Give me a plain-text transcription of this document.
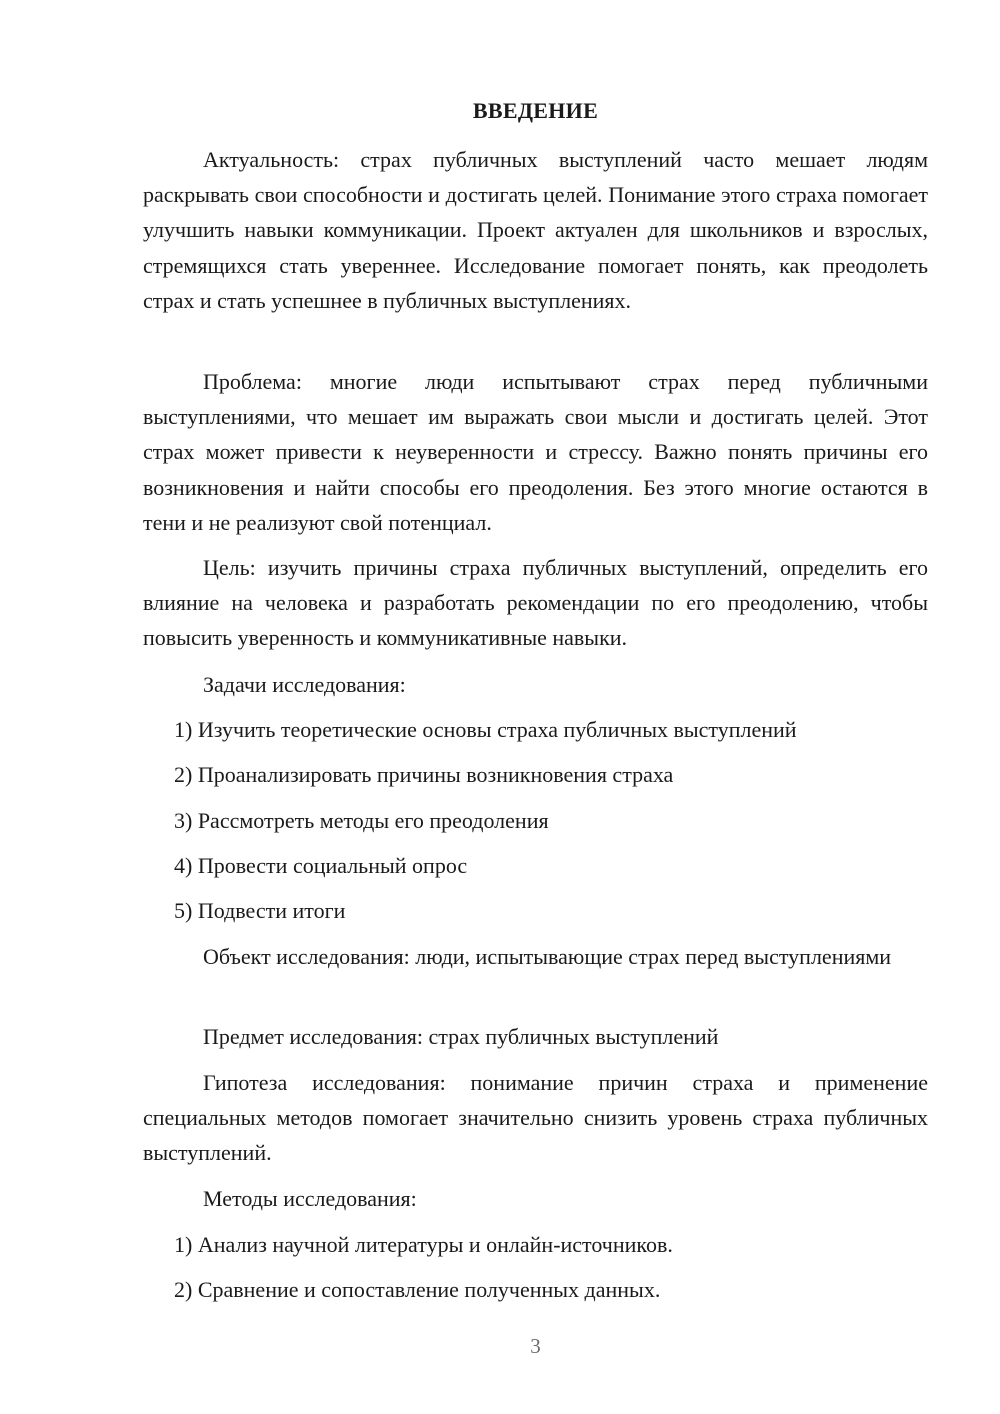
ВВЕДЕНИЕ

Актуальность: страх публичных выступлений часто мешает людям раскрывать свои способности и достигать целей. Понимание этого страха помогает улучшить навыки коммуникации. Проект актуален для школьников и взрослых, стремящихся стать увереннее. Исследование помогает понять, как преодолеть страх и стать успешнее в публичных выступлениях.

Проблема: многие люди испытывают страх перед публичными выступлениями, что мешает им выражать свои мысли и достигать целей. Этот страх может привести к неуверенности и стрессу. Важно понять причины его возникновения и найти способы его преодоления. Без этого многие остаются в тени и не реализуют свой потенциал.

Цель: изучить причины страха публичных выступлений, определить его влияние на человека и разработать рекомендации по его преодолению, чтобы повысить уверенность и коммуникативные навыки.

Задачи исследования:

1) Изучить теоретические основы страха публичных выступлений

2) Проанализировать причины возникновения страха

3) Рассмотреть методы его преодоления

4) Провести социальный опрос

5) Подвести итоги

Объект исследования: люди, испытывающие страх перед выступлениями

Предмет исследования: страх публичных выступлений

Гипотеза исследования: понимание причин страха и применение специальных методов помогает значительно снизить уровень страха публичных выступлений.

Методы исследования:

1) Анализ научной литературы и онлайн-источников.

2) Сравнение и сопоставление полученных данных.

3
